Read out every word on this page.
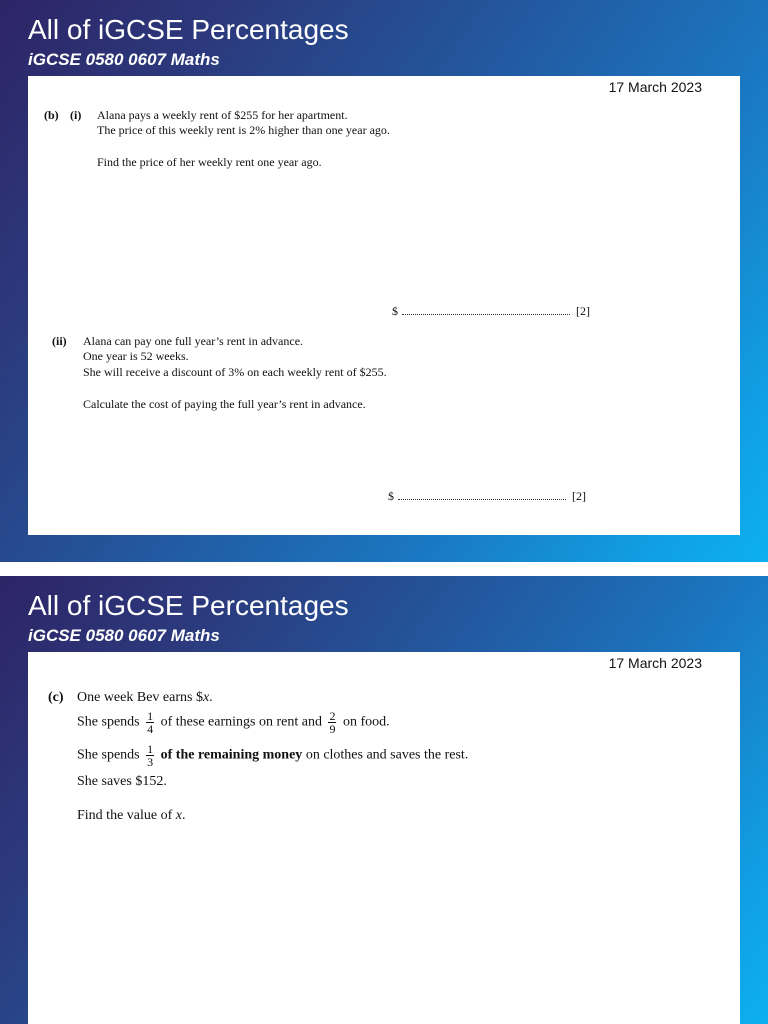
All of iGCSE Percentages
iGCSE 0580 0607 Maths
17 March 2023
(b) (i) Alana pays a weekly rent of $255 for her apartment.
The price of this weekly rent is 2% higher than one year ago.
Find the price of her weekly rent one year ago.
$	[2]
(ii) Alana can pay one full year’s rent in advance.
One year is 52 weeks.
She will receive a discount of 3% on each weekly rent of $255.
Calculate the cost of paying the full year’s rent in advance.
$	[2]
All of iGCSE Percentages
iGCSE 0580 0607 Maths
17 March 2023
(c) One week Bev earns $x.
She spends $\frac{1}{4}$ of these earnings on rent and $\frac{2}{9}$ on food.
She spends $\frac{1}{3}$ of the remaining money on clothes and saves the rest.
She saves $152.
Find the value of x.
